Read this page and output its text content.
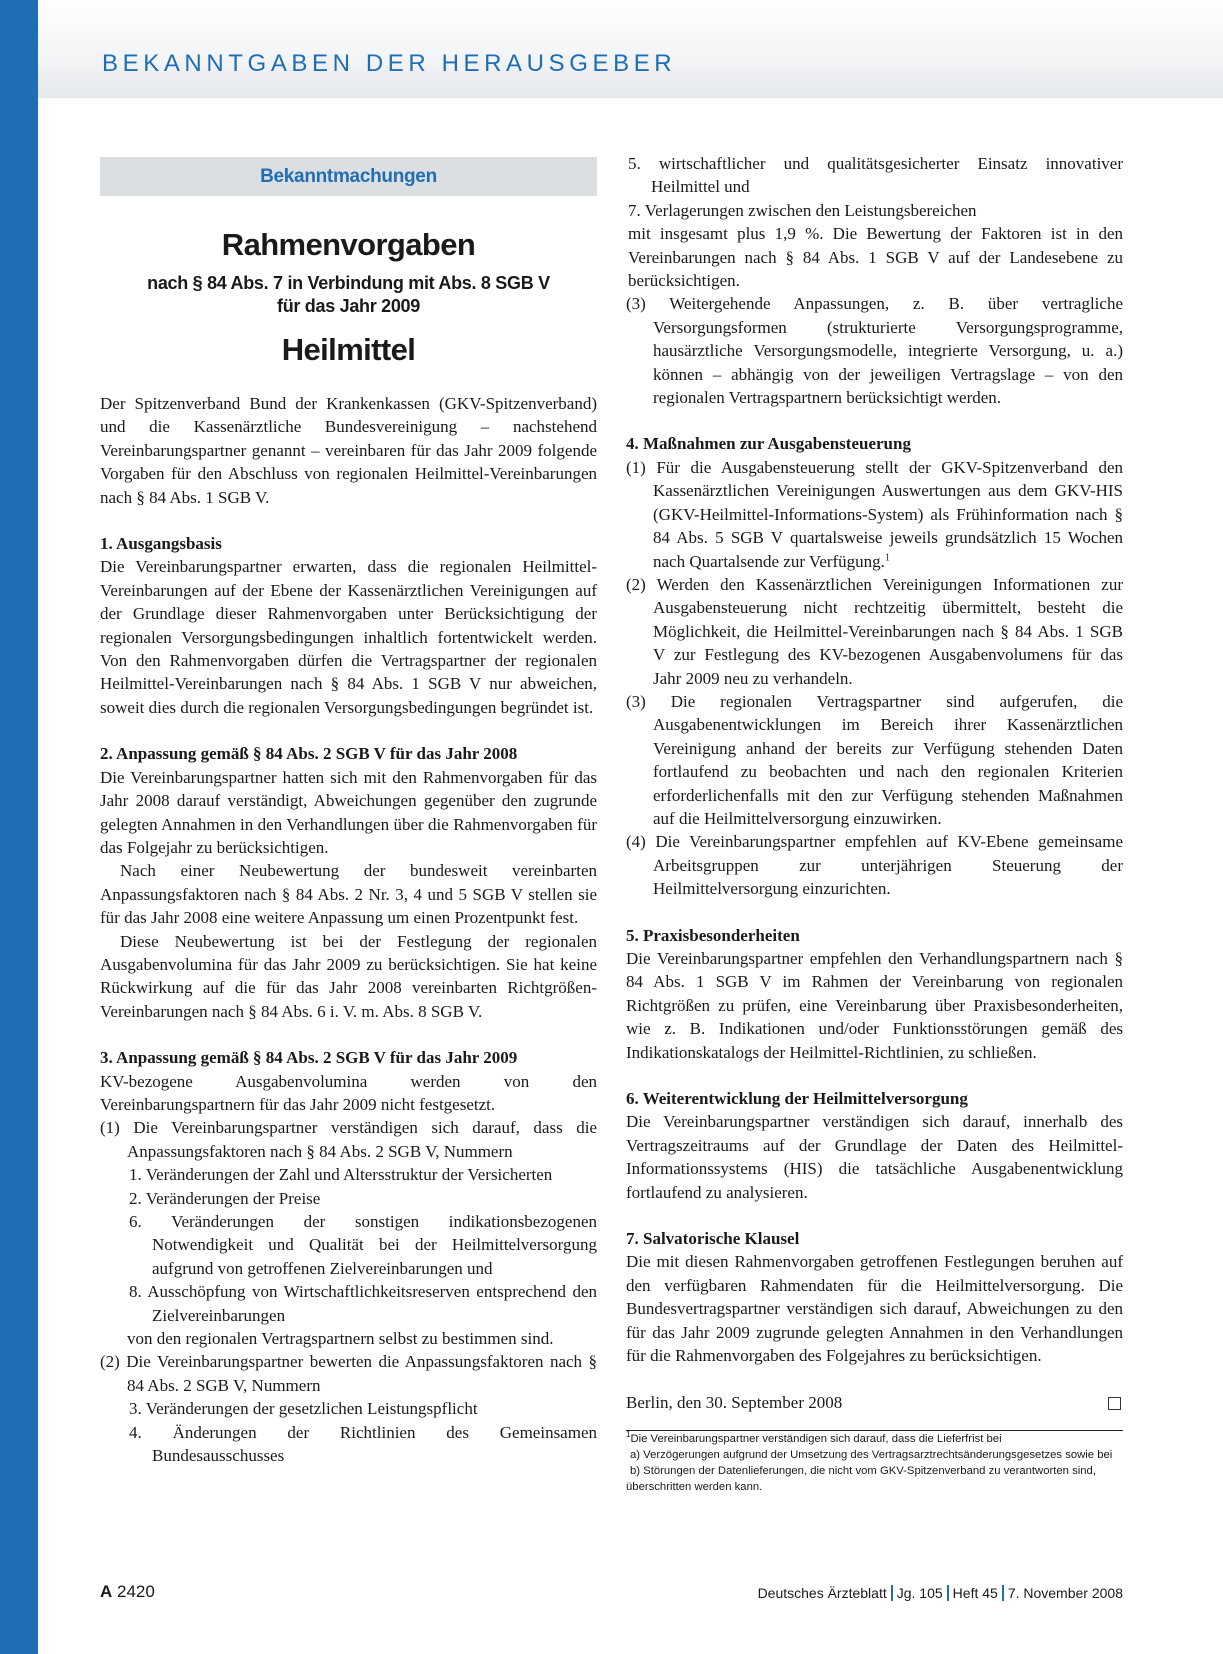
BEKANNTGABEN DER HERAUSGEBER
Bekanntmachungen
Rahmenvorgaben
nach § 84 Abs. 7 in Verbindung mit Abs. 8 SGB V
für das Jahr 2009
Heilmittel

Der Spitzenverband Bund der Krankenkassen (GKV-Spitzenverband) und die Kassenärztliche Bundesvereinigung – nachstehend Vereinbarungspartner genannt – vereinbaren für das Jahr 2009 folgende Vorgaben für den Abschluss von regionalen Heilmittel-Vereinbarungen nach § 84 Abs. 1 SGB V.

1. Ausgangsbasis

Die Vereinbarungspartner erwarten, dass die regionalen Heilmittel-Vereinbarungen auf der Ebene der Kassenärztlichen Vereinigungen auf der Grundlage dieser Rahmenvorgaben unter Berücksichtigung der regionalen Versorgungsbedingungen inhaltlich fortentwickelt werden. Von den Rahmenvorgaben dürfen die Vertragspartner der regionalen Heilmittel-Vereinbarungen nach § 84 Abs. 1 SGB V nur abweichen, soweit dies durch die regionalen Versorgungsbedingungen begründet ist.

2. Anpassung gemäß § 84 Abs. 2 SGB V für das Jahr 2008

Die Vereinbarungspartner hatten sich mit den Rahmenvorgaben für das Jahr 2008 darauf verständigt, Abweichungen gegenüber den zugrunde gelegten Annahmen in den Verhandlungen über die Rahmenvorgaben für das Folgejahr zu berücksichtigen.

Nach einer Neubewertung der bundesweit vereinbarten Anpassungsfaktoren nach § 84 Abs. 2 Nr. 3, 4 und 5 SGB V stellen sie für das Jahr 2008 eine weitere Anpassung um einen Prozentpunkt fest.

Diese Neubewertung ist bei der Festlegung der regionalen Ausgabenvolumina für das Jahr 2009 zu berücksichtigen. Sie hat keine Rückwirkung auf die für das Jahr 2008 vereinbarten Richtgrößen-Vereinbarungen nach § 84 Abs. 6 i. V. m. Abs. 8 SGB V.

3. Anpassung gemäß § 84 Abs. 2 SGB V für das Jahr 2009

KV-bezogene Ausgabenvolumina werden von den Vereinbarungspartnern für das Jahr 2009 nicht festgesetzt.

(1) Die Vereinbarungspartner verständigen sich darauf, dass die Anpassungsfaktoren nach § 84 Abs. 2 SGB V, Nummern

1. Veränderungen der Zahl und Altersstruktur der Versicherten

2. Veränderungen der Preise

6. Veränderungen der sonstigen indikationsbezogenen Notwendigkeit und Qualität bei der Heilmittelversorgung aufgrund von getroffenen Zielvereinbarungen und

8. Ausschöpfung von Wirtschaftlichkeitsreserven entsprechend den Zielvereinbarungen

von den regionalen Vertragspartnern selbst zu bestimmen sind.

(2) Die Vereinbarungspartner bewerten die Anpassungsfaktoren nach § 84 Abs. 2 SGB V, Nummern

3. Veränderungen der gesetzlichen Leistungspflicht

4. Änderungen der Richtlinien des Gemeinsamen Bundesausschusses

5. wirtschaftlicher und qualitätsgesicherter Einsatz innovativer Heilmittel und

7. Verlagerungen zwischen den Leistungsbereichen

mit insgesamt plus 1,9 %. Die Bewertung der Faktoren ist in den Vereinbarungen nach § 84 Abs. 1 SGB V auf der Landesebene zu berücksichtigen.

(3) Weitergehende Anpassungen, z. B. über vertragliche Versorgungsformen (strukturierte Versorgungsprogramme, hausärztliche Versorgungsmodelle, integrierte Versorgung, u. a.) können – abhängig von der jeweiligen Vertragslage – von den regionalen Vertragspartnern berücksichtigt werden.

4. Maßnahmen zur Ausgabensteuerung

(1) Für die Ausgabensteuerung stellt der GKV-Spitzenverband den Kassenärztlichen Vereinigungen Auswertungen aus dem GKV-HIS (GKV-Heilmittel-Informations-System) als Frühinformation nach § 84 Abs. 5 SGB V quartalsweise jeweils grundsätzlich 15 Wochen nach Quartalsende zur Verfügung.$^1$

(2) Werden den Kassenärztlichen Vereinigungen Informationen zur Ausgabensteuerung nicht rechtzeitig übermittelt, besteht die Möglichkeit, die Heilmittel-Vereinbarungen nach § 84 Abs. 1 SGB V zur Festlegung des KV-bezogenen Ausgabenvolumens für das Jahr 2009 neu zu verhandeln.

(3) Die regionalen Vertragspartner sind aufgerufen, die Ausgabenentwicklungen im Bereich ihrer Kassenärztlichen Vereinigung anhand der bereits zur Verfügung stehenden Daten fortlaufend zu beobachten und nach den regionalen Kriterien erforderlichenfalls mit den zur Verfügung stehenden Maßnahmen auf die Heilmittelversorgung einzuwirken.

(4) Die Vereinbarungspartner empfehlen auf KV-Ebene gemeinsame Arbeitsgruppen zur unterjährigen Steuerung der Heilmittelversorgung einzurichten.

5. Praxisbesonderheiten

Die Vereinbarungspartner empfehlen den Verhandlungspartnern nach § 84 Abs. 1 SGB V im Rahmen der Vereinbarung von regionalen Richtgrößen zu prüfen, eine Vereinbarung über Praxisbesonderheiten, wie z. B. Indikationen und/oder Funktionsstörungen gemäß des Indikationskatalogs der Heilmittel-Richtlinien, zu schließen.

6. Weiterentwicklung der Heilmittelversorgung

Die Vereinbarungspartner verständigen sich darauf, innerhalb des Vertragszeitraums auf der Grundlage der Daten des Heilmittel-Informationssystems (HIS) die tatsächliche Ausgabenentwicklung fortlaufend zu analysieren.

7. Salvatorische Klausel

Die mit diesen Rahmenvorgaben getroffenen Festlegungen beruhen auf den verfügbaren Rahmendaten für die Heilmittelversorgung. Die Bundesvertragspartner verständigen sich darauf, Abweichungen zu den für das Jahr 2009 zugrunde gelegten Annahmen in den Verhandlungen für die Rahmenvorgaben des Folgejahres zu berücksichtigen.

Berlin, den 30. September 2008
$^1$Die Vereinbarungspartner verständigen sich darauf, dass die Lieferfrist bei
a) Verzögerungen aufgrund der Umsetzung des Vertragsarztrechtsänderungsgesetzes sowie bei
b) Störungen der Datenlieferungen, die nicht vom GKV-Spitzenverband zu verantworten sind,
überschritten werden kann.
A 2420	Deutsches Ärzteblatt Jg. 105 Heft 45 7. November 2008
